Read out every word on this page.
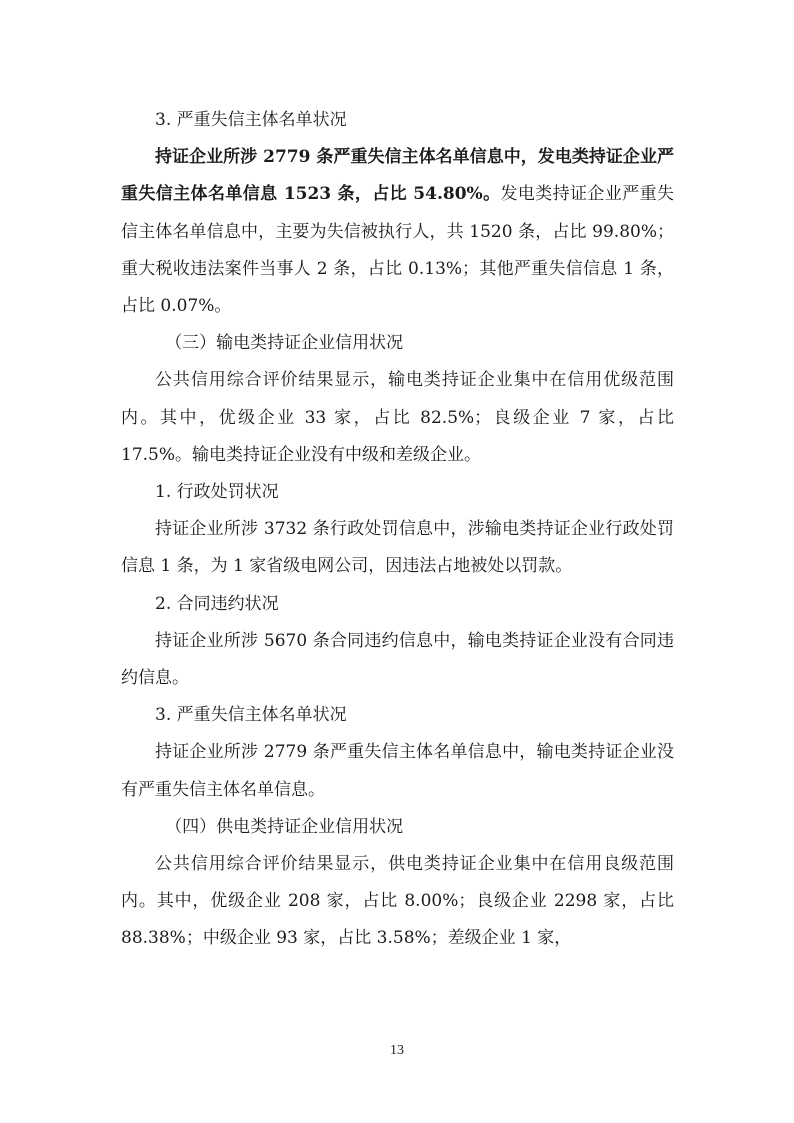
3. 严重失信主体名单状况

持证企业所涉 2779 条严重失信主体名单信息中，发电类持证企业严重失信主体名单信息 1523 条，占比 54.80%。发电类持证企业严重失信主体名单信息中，主要为失信被执行人，共 1520 条，占比 99.80%；重大税收违法案件当事人 2 条，占比 0.13%；其他严重失信信息 1 条，占比 0.07%。

（三）输电类持证企业信用状况

公共信用综合评价结果显示，输电类持证企业集中在信用优级范围内。其中，优级企业 33 家，占比 82.5%；良级企业 7 家，占比 17.5%。输电类持证企业没有中级和差级企业。

1. 行政处罚状况

持证企业所涉 3732 条行政处罚信息中，涉输电类持证企业行政处罚信息 1 条，为 1 家省级电网公司，因违法占地被处以罚款。

2. 合同违约状况

持证企业所涉 5670 条合同违约信息中，输电类持证企业没有合同违约信息。

3. 严重失信主体名单状况

持证企业所涉 2779 条严重失信主体名单信息中，输电类持证企业没有严重失信主体名单信息。

（四）供电类持证企业信用状况

公共信用综合评价结果显示，供电类持证企业集中在信用良级范围内。其中，优级企业 208 家，占比 8.00%；良级企业 2298 家，占比 88.38%；中级企业 93 家，占比 3.58%；差级企业 1 家，

13
